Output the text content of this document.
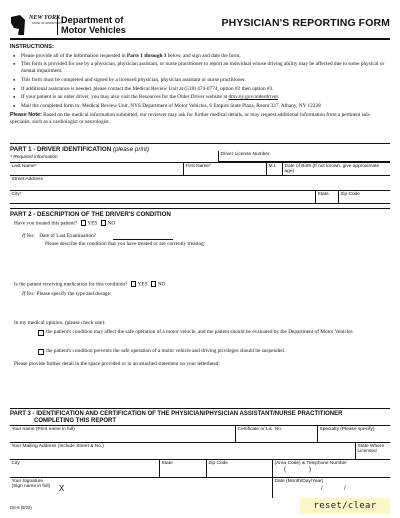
NEW YORK
STATE OF OPPORTUNITY.
Department of
Motor Vehicles
PHYSICIAN'S REPORTING FORM
INSTRUCTIONS:
● Please provide all of the information requested in Parts 1 through 3 below, and sign and date the form.
● This form is provided for use by a physician, physician assistant, or nurse practitioner to report an individual whose driving ability may be affected due to some physical or mental impairment.
● This form must be completed and signed by a licensed physician, physician assistant or nurse practitioner.
● If additional assistance is needed, please contact the Medical Review Unit at (518) 474-0774, option #2 then option #3.
● If your patient is an older driver, you may also visit the Resources for the Older Driver website at dmv.ny.gov/olderdriver.
● Mail the completed form to: Medical Review Unit, NYS Department of Motor Vehicles, 6 Empire State Plaza, Room 337, Albany, NY 12228
Please Note: Based on the medical information submitted, our reviewer may ask for further medical details, or may request additional information from a pertinent sub-specialist, such as a cardiologist or neurologist.
PART 1 - DRIVER IDENTIFICATION (please print)
* Required information
Driver License Number
Last Name*	First Name*	M.I.	Date of Birth (If not known, give approximate age)
Street Address
City*	State	Zip Code
PART 2 - DESCRIPTION OF THE DRIVER'S CONDITION
Have you treated this patient? YES NO
If Yes: Date of Last Examination?
Please describe the condition that you have treated or are currently treating:
Is the patient receiving medication for this condition? YES NO
If Yes: Please specify the type and dosage:
In my medical opinion, (please check one):
the patient's condition may affect the safe operation of a motor vehicle, and the patient should be evaluated by the Department of Motor Vehicles
the patient's condition prevents the safe operation of a motor vehicle and driving privileges should be suspended.
Please provide further detail in the space provided or in an attached statement on your letterhead:
PART 3 - IDENTIFICATION AND CERTIFICATION OF THE PHYSICIAN/PHYSICIAN ASSISTANT/NURSE PRACTITIONER
COMPLETING THIS REPORT
Your name (Print name in full)	Certificate or Lic. No.	Specialty (Please specify)
Your Mailing Address (Include Street & No.)	State Where Licensed
City	State	Zip Code	(Area Code) & Telephone Number
(	)
Your Signature (Sign name in full)	X
Date (Month/Day/Year)
/	/
DS-6 (8/23)	reset/clear
